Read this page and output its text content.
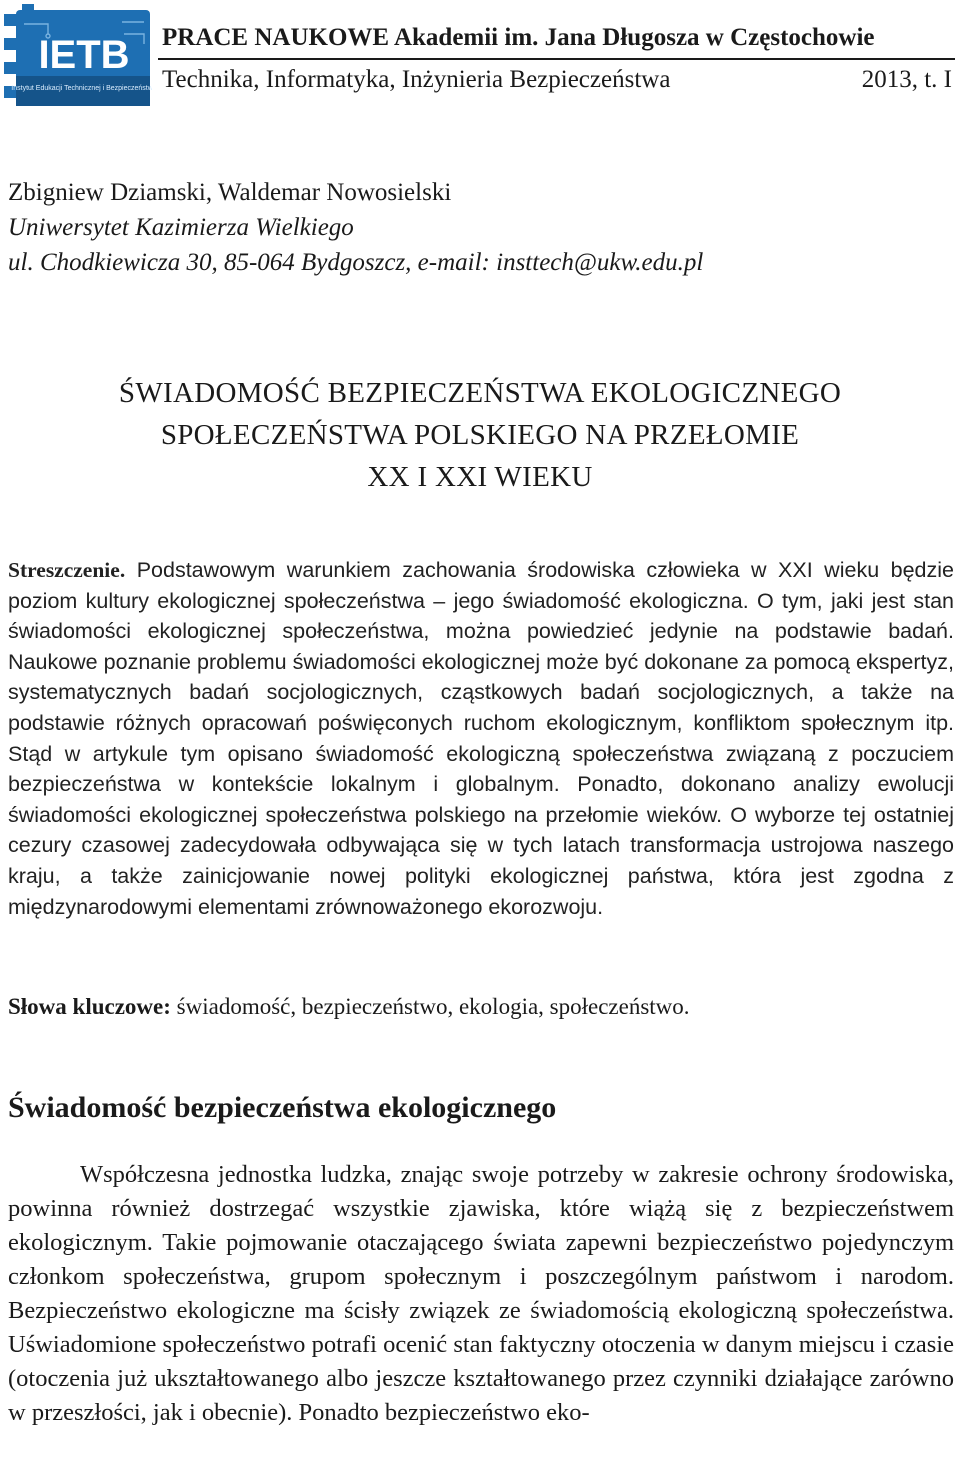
IETB
Instytut Edukacji Technicznej i Bezpieczeństwa
PRACE NAUKOWE Akademii im. Jana Długosza w Częstochowie
Technika, Informatyka, Inżynieria Bezpieczeństwa	2013, t. I
Zbigniew Dziamski, Waldemar Nowosielski
Uniwersytet Kazimierza Wielkiego
ul. Chodkiewicza 30, 85-064 Bydgoszcz, e-mail: insttech@ukw.edu.pl
ŚWIADOMOŚĆ BEZPIECZEŃSTWA EKOLOGICZNEGO
SPOŁECZEŃSTWA POLSKIEGO NA PRZEŁOMIE
XX I XXI WIEKU
Streszczenie. Podstawowym warunkiem zachowania środowiska człowieka w XXI wieku będzie poziom kultury ekologicznej społeczeństwa – jego świadomość ekologiczna. O tym, jaki jest stan świadomości ekologicznej społeczeństwa, można powiedzieć jedynie na podstawie badań. Naukowe poznanie problemu świadomości ekologicznej może być dokonane za pomocą ekspertyz, systematycznych badań socjologicznych, cząstkowych badań socjologicznych, a także na podstawie różnych opracowań poświęconych ruchom ekologicznym, konfliktom społecznym itp. Stąd w artykule tym opisano świadomość ekologiczną społeczeństwa związaną z poczuciem bezpieczeństwa w kontekście lokalnym i globalnym. Ponadto, dokonano analizy ewolucji świadomości ekologicznej społeczeństwa polskiego na przełomie wieków. O wyborze tej ostatniej cezury czasowej zadecydowała odbywająca się w tych latach transformacja ustrojowa naszego kraju, a także zainicjowanie nowej polityki ekologicznej państwa, która jest zgodna z międzynarodowymi elementami zrównoważonego ekorozwoju.
Słowa kluczowe: świadomość, bezpieczeństwo, ekologia, społeczeństwo.
Świadomość bezpieczeństwa ekologicznego
Współczesna jednostka ludzka, znając swoje potrzeby w zakresie ochrony środowiska, powinna również dostrzegać wszystkie zjawiska, które wiążą się z bezpieczeństwem ekologicznym. Takie pojmowanie otaczającego świata zapewni bezpieczeństwo pojedynczym członkom społeczeństwa, grupom społecznym i poszczególnym państwom i narodom. Bezpieczeństwo ekologiczne ma ścisły związek ze świadomością ekologiczną społeczeństwa. Uświadomione społeczeństwo potrafi ocenić stan faktyczny otoczenia w danym miejscu i czasie (otoczenia już ukształtowanego albo jeszcze kształtowanego przez czynniki działające zarówno w przeszłości, jak i obecnie). Ponadto bezpieczeństwo eko-
